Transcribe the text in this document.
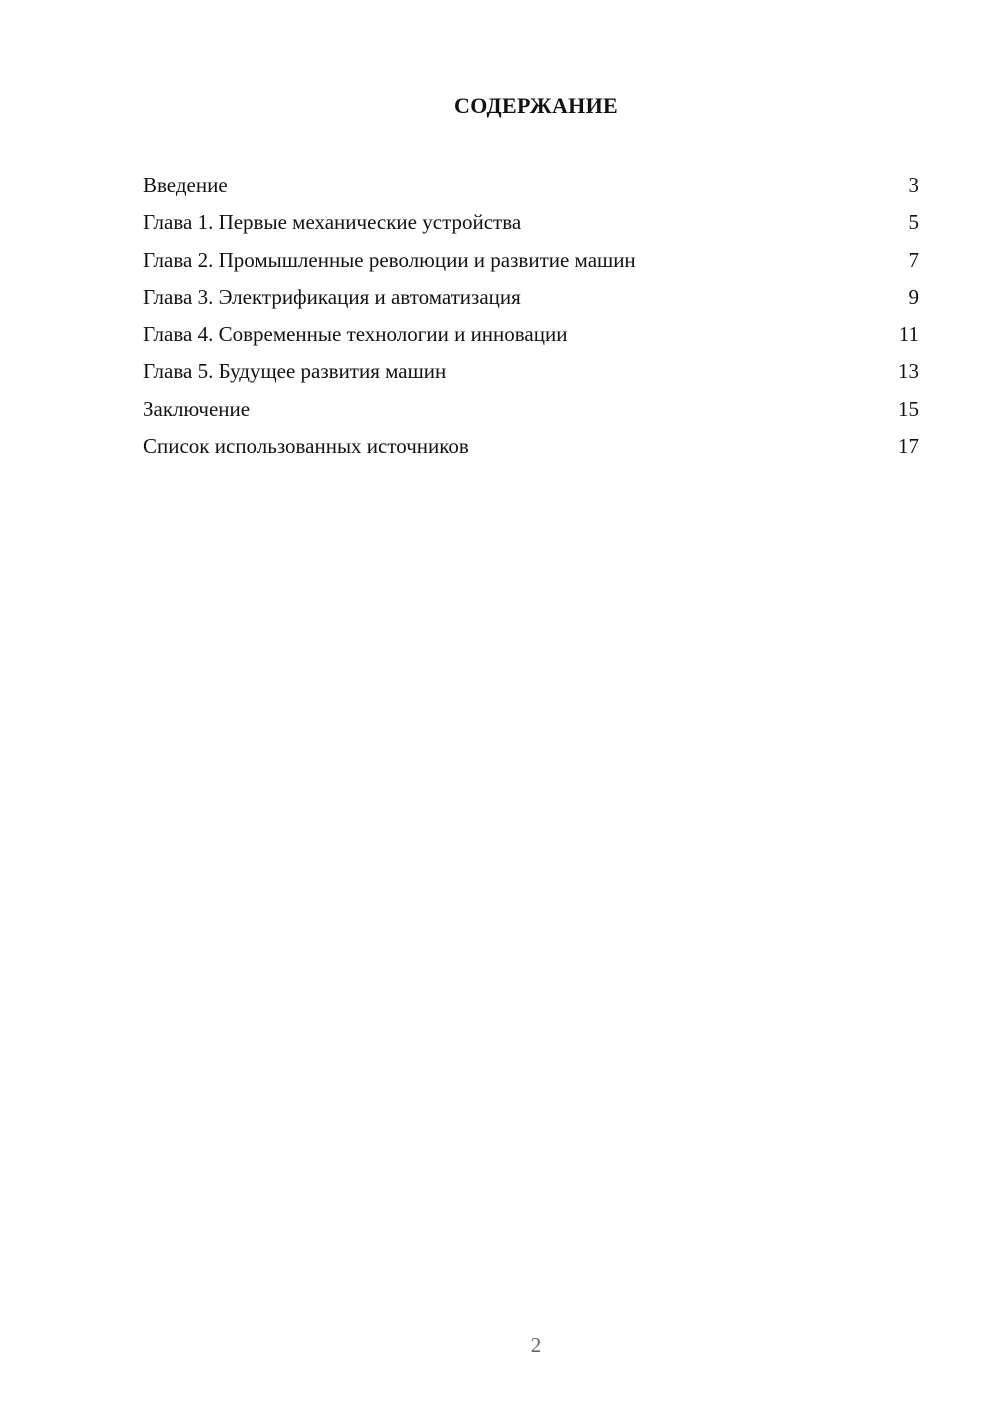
СОДЕРЖАНИЕ
Введение	3
Глава 1. Первые механические устройства	5
Глава 2. Промышленные революции и развитие машин	7
Глава 3. Электрификация и автоматизация	9
Глава 4. Современные технологии и инновации	11
Глава 5. Будущее развития машин	13
Заключение	15
Список использованных источников	17
2
